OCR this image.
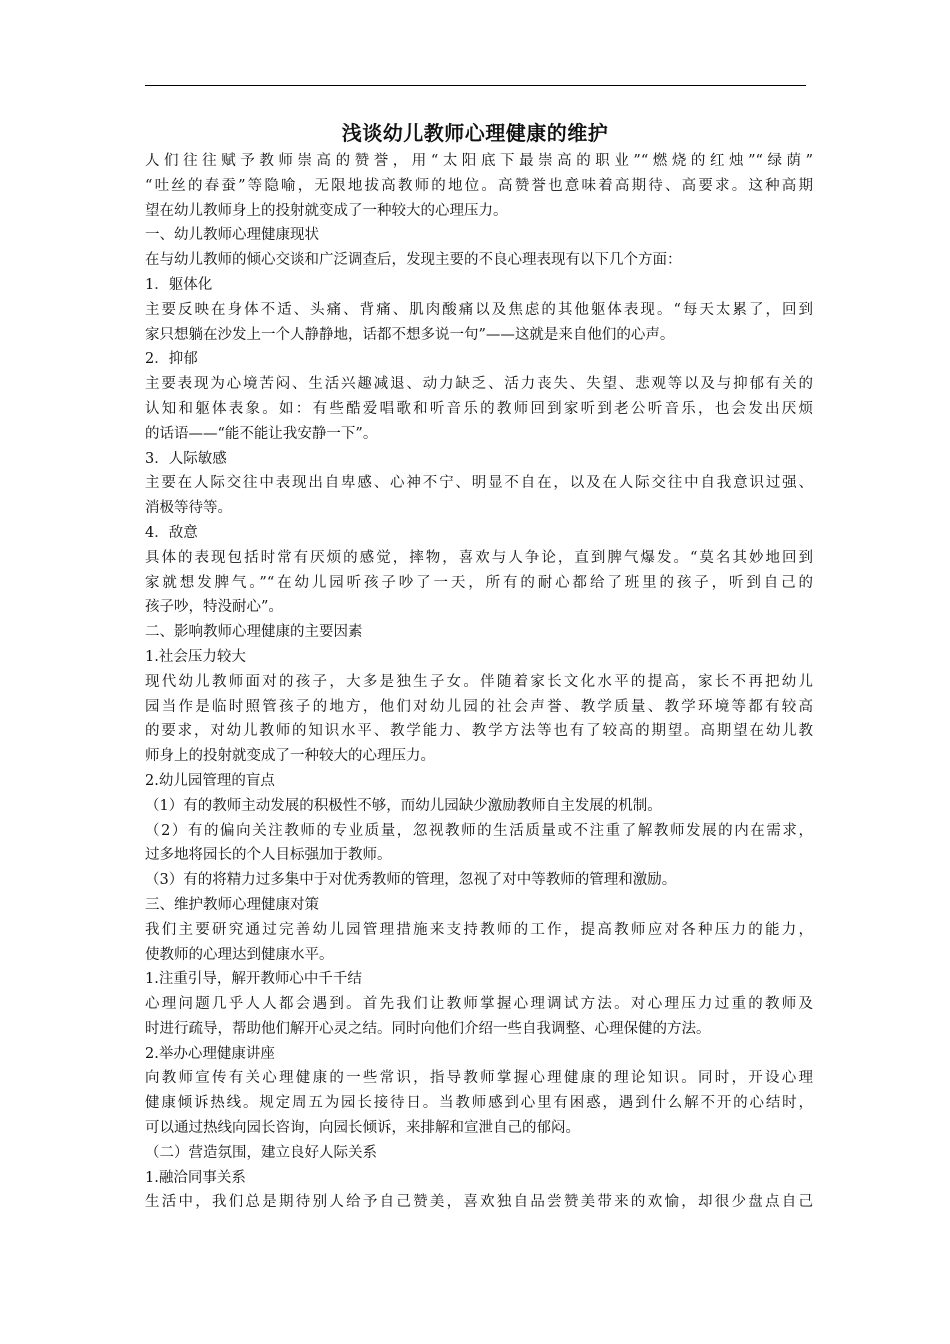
浅谈幼儿教师心理健康的维护
人们往往赋予教师崇高的赞誉，用“太阳底下最崇高的职业”“燃烧的红烛”“绿荫”
“吐丝的春蚕”等隐喻，无限地拔高教师的地位。高赞誉也意味着高期待、高要求。这种高期
望在幼儿教师身上的投射就变成了一种较大的心理压力。
一、幼儿教师心理健康现状
在与幼儿教师的倾心交谈和广泛调查后，发现主要的不良心理表现有以下几个方面：
1．躯体化
主要反映在身体不适、头痛、背痛、肌肉酸痛以及焦虑的其他躯体表现。“每天太累了，回到
家只想躺在沙发上一个人静静地，话都不想多说一句”——这就是来自他们的心声。
2．抑郁
主要表现为心境苦闷、生活兴趣减退、动力缺乏、活力丧失、失望、悲观等以及与抑郁有关的
认知和躯体表象。如：有些酷爱唱歌和听音乐的教师回到家听到老公听音乐，也会发出厌烦
的话语——“能不能让我安静一下”。
3．人际敏感
主要在人际交往中表现出自卑感、心神不宁、明显不自在，以及在人际交往中自我意识过强、
消极等待等。
4．敌意
具体的表现包括时常有厌烦的感觉，摔物，喜欢与人争论，直到脾气爆发。“莫名其妙地回到
家就想发脾气。”“在幼儿园听孩子吵了一天，所有的耐心都给了班里的孩子，听到自己的
孩子吵，特没耐心”。
二、影响教师心理健康的主要因素
1.社会压力较大
现代幼儿教师面对的孩子，大多是独生子女。伴随着家长文化水平的提高，家长不再把幼儿
园当作是临时照管孩子的地方，他们对幼儿园的社会声誉、教学质量、教学环境等都有较高
的要求，对幼儿教师的知识水平、教学能力、教学方法等也有了较高的期望。高期望在幼儿教
师身上的投射就变成了一种较大的心理压力。
2.幼儿园管理的盲点
（1）有的教师主动发展的积极性不够，而幼儿园缺少激励教师自主发展的机制。
（2）有的偏向关注教师的专业质量，忽视教师的生活质量或不注重了解教师发展的内在需求，
过多地将园长的个人目标强加于教师。
（3）有的将精力过多集中于对优秀教师的管理，忽视了对中等教师的管理和激励。
三、维护教师心理健康对策
我们主要研究通过完善幼儿园管理措施来支持教师的工作，提高教师应对各种压力的能力，
使教师的心理达到健康水平。
1.注重引导，解开教师心中千千结
心理问题几乎人人都会遇到。首先我们让教师掌握心理调试方法。对心理压力过重的教师及
时进行疏导，帮助他们解开心灵之结。同时向他们介绍一些自我调整、心理保健的方法。
2.举办心理健康讲座
向教师宣传有关心理健康的一些常识，指导教师掌握心理健康的理论知识。同时，开设心理
健康倾诉热线。规定周五为园长接待日。当教师感到心里有困惑，遇到什么解不开的心结时，
可以通过热线向园长咨询，向园长倾诉，来排解和宣泄自己的郁闷。
（二）营造氛围，建立良好人际关系
1.融洽同事关系
生活中，我们总是期待别人给予自己赞美，喜欢独自品尝赞美带来的欢愉，却很少盘点自己
